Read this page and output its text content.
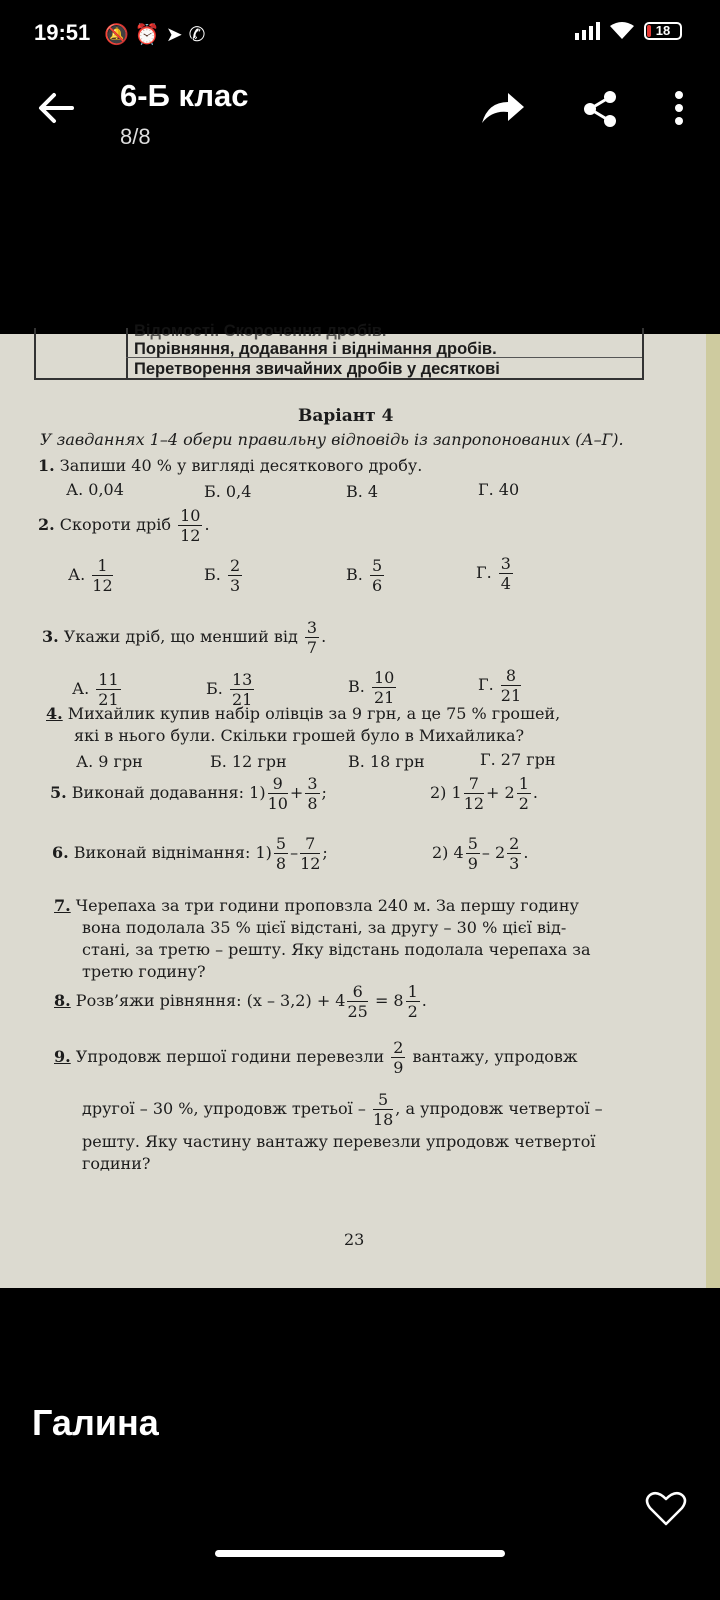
19:51 🔕⏰➤✆	18
6-Б клас
8/8
Відомості. Скорочення дробів.
Порівняння, додавання і віднімання дробів.
Перетворення звичайних дробів у десяткові
Варіант 4
У завданнях 1–4 обери правильну відповідь із запропонованих (А–Г).
1. Запиши 40 % у вигляді десяткового дробу.
А. 0,04	Б. 0,4	В. 4	Г. 40
2. Скороти дріб $\frac{10}{12}$ .
А. $\frac{1}{12}$	Б. $\frac{2}{3}$	В. $\frac{5}{6}$	Г. $\frac{3}{4}$
3. Укажи дріб, що менший від $\frac{3}{7}$ .
А. $\frac{11}{21}$	Б. $\frac{13}{21}$	В. $\frac{10}{21}$	Г. $\frac{8}{21}$
4. Михайлик купив набір олівців за 9 грн, а це 75 % грошей,
які в нього були. Скільки грошей було в Михайлика?
А. 9 грн	Б. 12 грн	В. 18 грн	Г. 27 грн
5. Виконай додавання: $1) \frac{9}{10} + \frac{3}{8}$ ;	2) $1 \frac{7}{12} + 2 \frac{1}{2}$ .
6. Виконай віднімання: $1) \frac{5}{8} - \frac{7}{12}$ ;	2) $4 \frac{5}{9} - 2 \frac{2}{3}$ .
7. Черепаха за три години проповзла 240 м. За першу годину
вона подолала 35 % цієї відстані, за другу – 30 % цієї від-
стані, за третю – решту. Яку відстань подолала черепаха за
третю годину?
8. Розв’яжи рівняння: $(x - 3,2) + 4 \frac{6}{25} = 8 \frac{1}{2}$ .
9. Упродовж першої години перевезли $\frac{2}{9}$ вантажу, упродовж
другої – 30 %, упродовж третьої – $\frac{5}{18}$ , а упродовж четвертої –
решту. Яку частину вантажу перевезли упродовж четвертої
години?
23
Галина
